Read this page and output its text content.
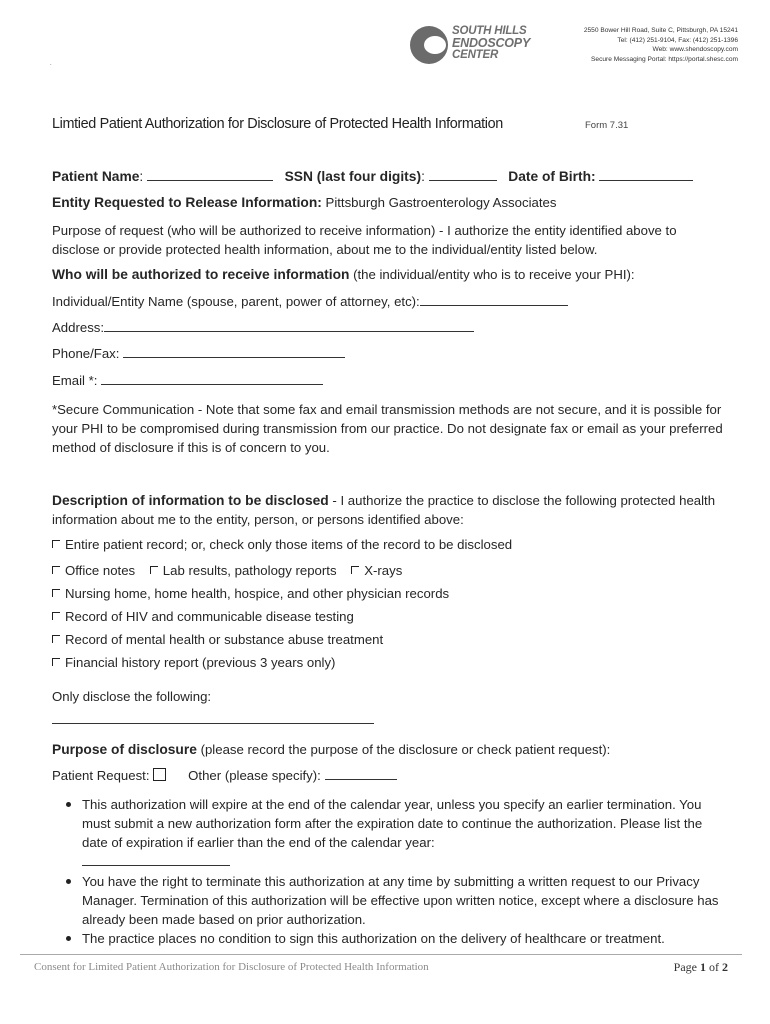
SOUTH HILLS
ENDOSCOPY
CENTER
2550 Bower Hill Road, Suite C, Pittsburgh, PA 15241
Tel: (412) 251-9104, Fax: (412) 251-1396
Web: www.shendoscopy.com
Secure Messaging Portal: https://portal.shesc.com
.
Limtied Patient Authorization for Disclosure of Protected Health Information	Form 7.31
Patient Name:	SSN (last four digits):	Date of Birth:
Entity Requested to Release Information: Pittsburgh Gastroenterology Associates
Purpose of request (who will be authorized to receive information) - I authorize the entity identified above to disclose or provide protected health information, about me to the individual/entity listed below.
Who will be authorized to receive information (the individual/entity who is to receive your PHI):
Individual/Entity Name (spouse, parent, power of attorney, etc):
Address:
Phone/Fax:
Email *:
*Secure Communication - Note that some fax and email transmission methods are not secure, and it is possible for your PHI to be compromised during transmission from our practice. Do not designate fax or email as your preferred method of disclosure if this is of concern to you.
Description of information to be disclosed - I authorize the practice to disclose the following protected health information about me to the entity, person, or persons identified above:
Entire patient record; or, check only those items of the record to be disclosed
Office notes Lab results, pathology reports X-rays
Nursing home, home health, hospice, and other physician records
Record of HIV and communicable disease testing
Record of mental health or substance abuse treatment
Financial history report (previous 3 years only)
Only disclose the following:
Purpose of disclosure (please record the purpose of the disclosure or check patient request):
Patient Request:	Other (please specify):
This authorization will expire at the end of the calendar year, unless you specify an earlier termination. You must submit a new authorization form after the expiration date to continue the authorization. Please list the date of expiration if earlier than the end of the calendar year:
You have the right to terminate this authorization at any time by submitting a written request to our Privacy Manager. Termination of this authorization will be effective upon written notice, except where a disclosure has already been made based on prior authorization.
The practice places no condition to sign this authorization on the delivery of healthcare or treatment.
Consent for Limited Patient Authorization for Disclosure of Protected Health Information	Page 1 of 2
